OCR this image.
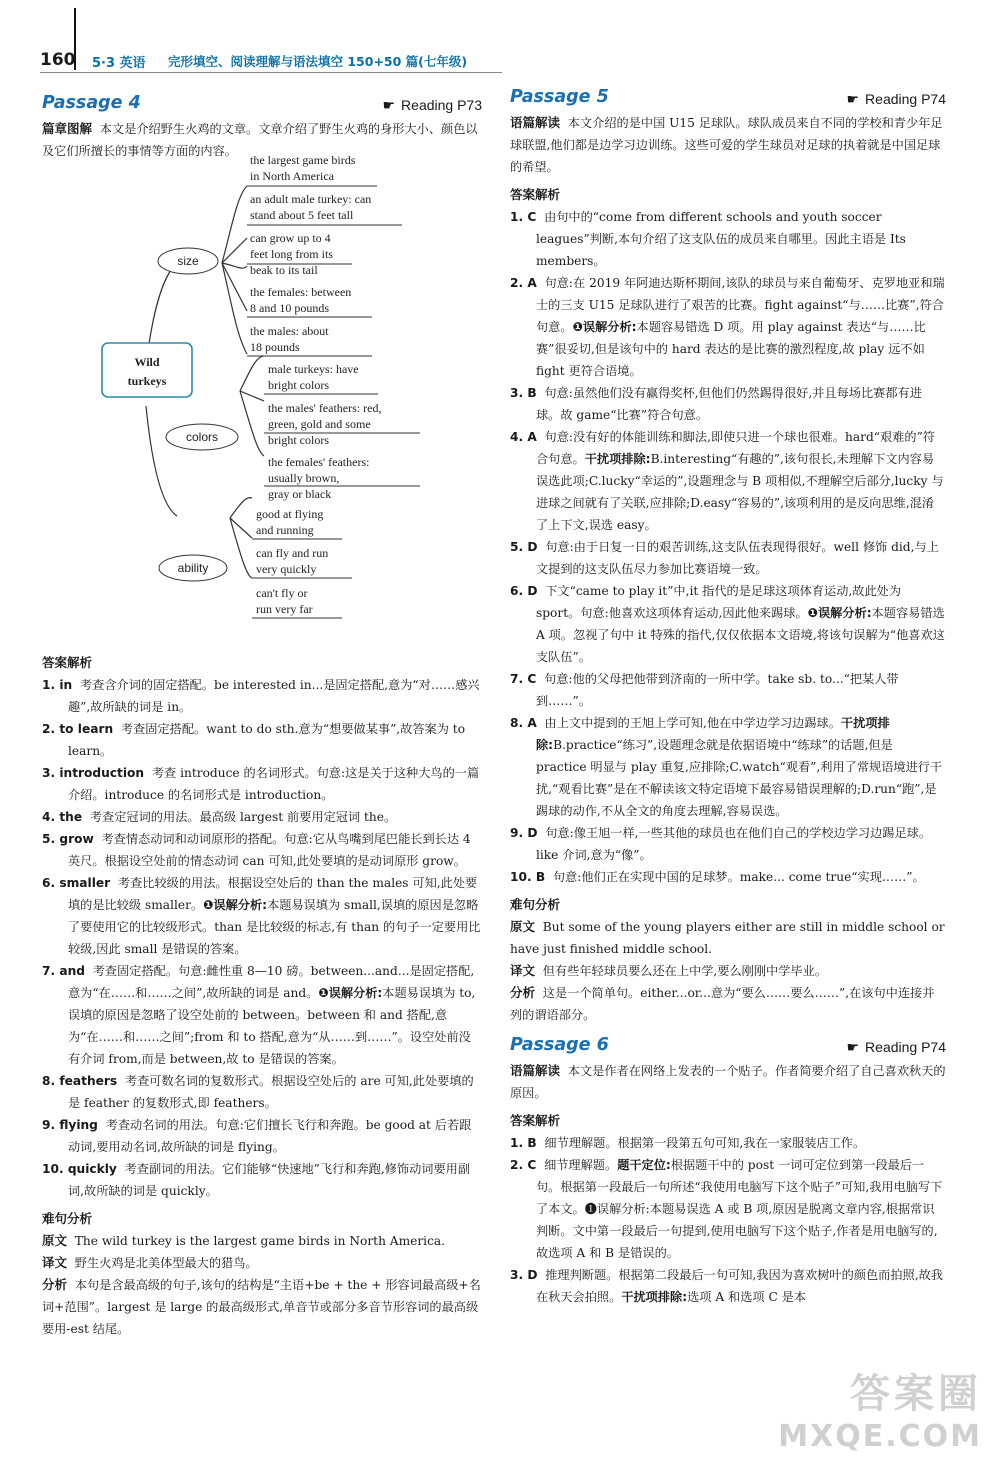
160 5·3 英语 完形填空、阅读理解与语法填空 150+50 篇(七年级)
Passage 4	☛ Reading P73
篇章图解 本文是介绍野生火鸡的文章。文章介绍了野生火鸡的身形大小、颜色以及它们所擅长的事情等方面的内容。
Wild
turkeys
size
colors
ability
the largest game birds
in North America
an adult male turkey: can
stand about 5 feet tall
can grow up to 4
feet long from its
beak to its tail
the females: between
8 and 10 pounds
the males: about
18 pounds
male turkeys: have
bright colors
the males' feathers: red,
green, gold and some
bright colors
the females' feathers:
usually brown,
gray or black
good at flying
and running
can fly and run
very quickly
can't fly or
run very far
答案解析

1. in 考查含介词的固定搭配。be interested in...是固定搭配,意为“对……感兴趣”,故所缺的词是 in。

2. to learn 考查固定搭配。want to do sth.意为“想要做某事”,故答案为 to learn。

3. introduction 考查 introduce 的名词形式。句意:这是关于这种大鸟的一篇介绍。introduce 的名词形式是 introduction。

4. the 考查定冠词的用法。最高级 largest 前要用定冠词 the。

5. grow 考查情态动词和动词原形的搭配。句意:它从鸟嘴到尾巴能长到长达 4 英尺。根据设空处前的情态动词 can 可知,此处要填的是动词原形 grow。

6. smaller 考查比较级的用法。根据设空处后的 than the males 可知,此处要填的是比较级 smaller。❶误解分析:本题易误填为 small,误填的原因是忽略了要使用它的比较级形式。than 是比较级的标志,有 than 的句子一定要用比较级,因此 small 是错误的答案。

7. and 考查固定搭配。句意:雌性重 8—10 磅。between...and...是固定搭配,意为“在……和……之间”,故所缺的词是 and。❶误解分析:本题易误填为 to,误填的原因是忽略了设空处前的 between。between 和 and 搭配,意为“在……和……之间”;from 和 to 搭配,意为“从……到……”。设空处前没有介词 from,而是 between,故 to 是错误的答案。

8. feathers 考查可数名词的复数形式。根据设空处后的 are 可知,此处要填的是 feather 的复数形式,即 feathers。

9. flying 考查动名词的用法。句意:它们擅长飞行和奔跑。be good at 后若跟动词,要用动名词,故所缺的词是 flying。

10. quickly 考查副词的用法。它们能够“快速地”飞行和奔跑,修饰动词要用副词,故所缺的词是 quickly。

难句分析

原文 The wild turkey is the largest game birds in North America.

译文 野生火鸡是北美体型最大的猎鸟。

分析 本句是含最高级的句子,该句的结构是“主语+be + the + 形容词最高级+名词+范围”。largest 是 large 的最高级形式,单音节或部分多音节形容词的最高级要用-est 结尾。

Passage 5	☛ Reading P74
语篇解读 本文介绍的是中国 U15 足球队。球队成员来自不同的学校和青少年足球联盟,他们都是边学习边训练。这些可爱的学生球员对足球的执着就是中国足球的希望。
答案解析

1. C 由句中的“come from different schools and youth soccer leagues”判断,本句介绍了这支队伍的成员来自哪里。因此主语是 Its members。

2. A 句意:在 2019 年阿迪达斯杯期间,该队的球员与来自葡萄牙、克罗地亚和瑞士的三支 U15 足球队进行了艰苦的比赛。fight against“与……比赛”,符合句意。❶误解分析:本题容易错选 D 项。用 play against 表达“与……比赛”很妥切,但是该句中的 hard 表达的是比赛的激烈程度,故 play 远不如 fight 更符合语境。

3. B 句意:虽然他们没有赢得奖杯,但他们仍然踢得很好,并且每场比赛都有进球。故 game“比赛”符合句意。

4. A 句意:没有好的体能训练和脚法,即使只进一个球也很难。hard“艰难的”符合句意。干扰项排除:B.interesting“有趣的”,该句很长,未理解下文内容易误选此项;C.lucky“幸运的”,设题理念与 B 项相似,不理解空后部分,lucky 与进球之间就有了关联,应排除;D.easy“容易的”,该项利用的是反向思维,混淆了上下文,误选 easy。

5. D 句意:由于日复一日的艰苦训练,这支队伍表现得很好。well 修饰 did,与上文提到的这支队伍尽力参加比赛语境一致。

6. D 下文“came to play it”中,it 指代的是足球这项体育运动,故此处为 sport。句意:他喜欢这项体育运动,因此他来踢球。❶误解分析:本题容易错选 A 项。忽视了句中 it 特殊的指代,仅仅依据本文语境,将该句误解为“他喜欢这支队伍”。

7. C 句意:他的父母把他带到济南的一所中学。take sb. to...“把某人带到……”。

8. A 由上文中提到的王旭上学可知,他在中学边学习边踢球。干扰项排除:B.practice“练习”,设题理念就是依据语境中“练球”的话题,但是 practice 明显与 play 重复,应排除;C.watch“观看”,利用了常规语境进行干扰,“观看比赛”是在不解读该文特定语境下最容易错误理解的;D.run“跑”,是踢球的动作,不从全文的角度去理解,容易误选。

9. D 句意:像王旭一样,一些其他的球员也在他们自己的学校边学习边踢足球。like 介词,意为“像”。

10. B 句意:他们正在实现中国的足球梦。make... come true“实现……”。

难句分析

原文 But some of the young players either are still in middle school or have just finished middle school.

译文 但有些年轻球员要么还在上中学,要么刚刚中学毕业。

分析 这是一个简单句。either...or...意为“要么……要么……”,在该句中连接并列的谓语部分。

Passage 6	☛ Reading P74
语篇解读 本文是作者在网络上发表的一个贴子。作者简要介绍了自己喜欢秋天的原因。
答案解析

1. B 细节理解题。根据第一段第五句可知,我在一家服装店工作。

2. C 细节理解题。题干定位:根据题干中的 post 一词可定位到第一段最后一句。根据第一段最后一句所述“我使用电脑写下这个贴子”可知,我用电脑写下了本文。❶误解分析:本题易误选 A 或 B 项,原因是脱离文章内容,根据常识判断。文中第一段最后一句提到,使用电脑写下这个贴子,作者是用电脑写的,故选项 A 和 B 是错误的。

3. D 推理判断题。根据第二段最后一句可知,我因为喜欢树叶的颜色而拍照,故我在秋天会拍照。干扰项排除:选项 A 和选项 C 是本

答案圈
MXQE.COM
